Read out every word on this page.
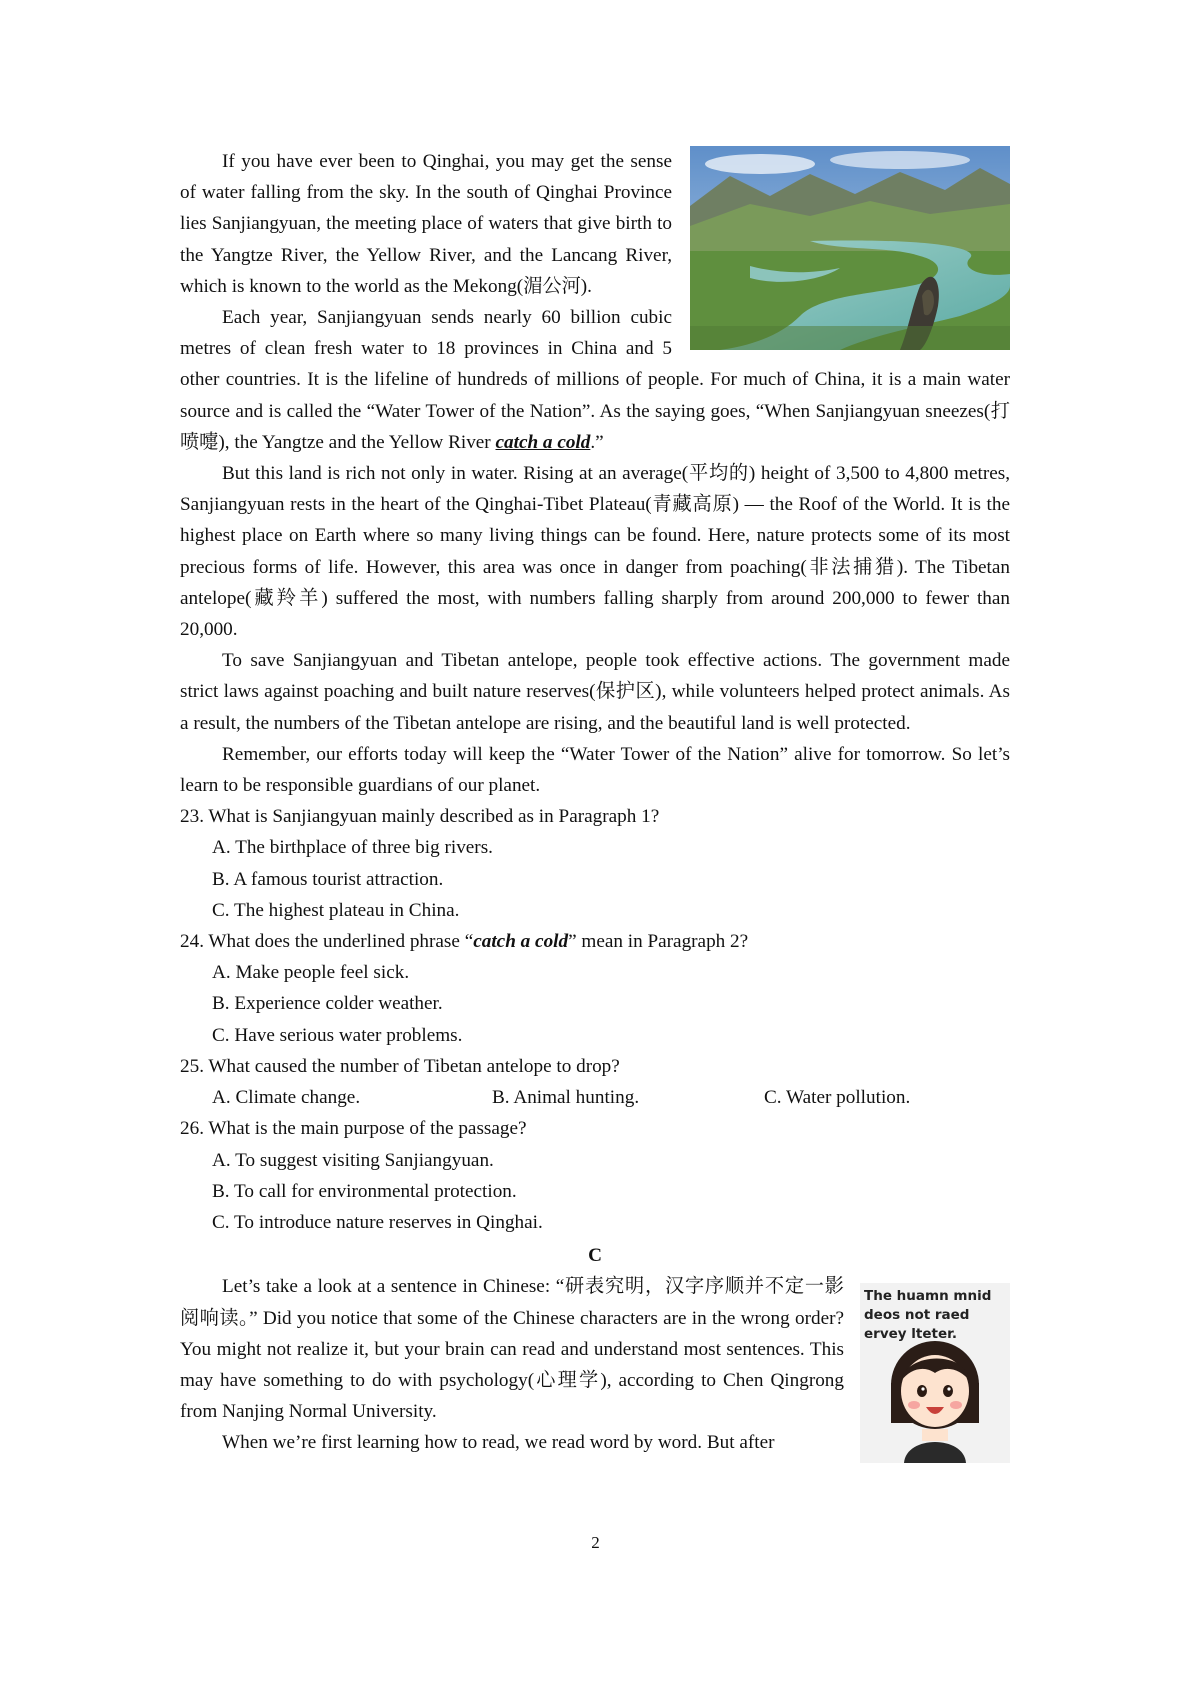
If you have ever been to Qinghai, you may get the sense of water falling from the sky. In the south of Qinghai Province lies Sanjiangyuan, the meeting place of waters that give birth to the Yangtze River, the Yellow River, and the Lancang River, which is known to the world as the Mekong(湄公河).

Each year, Sanjiangyuan sends nearly 60 billion cubic metres of clean fresh water to 18 provinces in China and 5 other countries. It is the lifeline of hundreds of millions of people. For much of China, it is a main water source and is called the “Water Tower of the Nation”. As the saying goes, “When Sanjiangyuan sneezes(打喷嚏), the Yangtze and the Yellow River catch a cold.”

But this land is rich not only in water. Rising at an average(平均的) height of 3,500 to 4,800 metres, Sanjiangyuan rests in the heart of the Qinghai-Tibet Plateau(青藏高原) — the Roof of the World. It is the highest place on Earth where so many living things can be found. Here, nature protects some of its most precious forms of life. However, this area was once in danger from poaching(非法捕猎). The Tibetan antelope(藏羚羊) suffered the most, with numbers falling sharply from around 200,000 to fewer than 20,000.

To save Sanjiangyuan and Tibetan antelope, people took effective actions. The government made strict laws against poaching and built nature reserves(保护区), while volunteers helped protect animals. As a result, the numbers of the Tibetan antelope are rising, and the beautiful land is well protected.

Remember, our efforts today will keep the “Water Tower of the Nation” alive for tomorrow. So let’s learn to be responsible guardians of our planet.

23. What is Sanjiangyuan mainly described as in Paragraph 1?

A. The birthplace of three big rivers.

B. A famous tourist attraction.

C. The highest plateau in China.

24. What does the underlined phrase “catch a cold” mean in Paragraph 2?

A. Make people feel sick.

B. Experience colder weather.

C. Have serious water problems.

25. What caused the number of Tibetan antelope to drop?

A. Climate change.	B. Animal hunting.	C. Water pollution.

26. What is the main purpose of the passage?

A. To suggest visiting Sanjiangyuan.

B. To call for environmental protection.

C. To introduce nature reserves in Qinghai.

C

The huamn mnid deos not raed ervey lteter.

Let’s take a look at a sentence in Chinese: “研表究明，汉字序顺并不定一影阅响读。” Did you notice that some of the Chinese characters are in the wrong order? You might not realize it, but your brain can read and understand most sentences. This may have something to do with psychology(心理学), according to Chen Qingrong from Nanjing Normal University.

When we’re first learning how to read, we read word by word. But after

2
